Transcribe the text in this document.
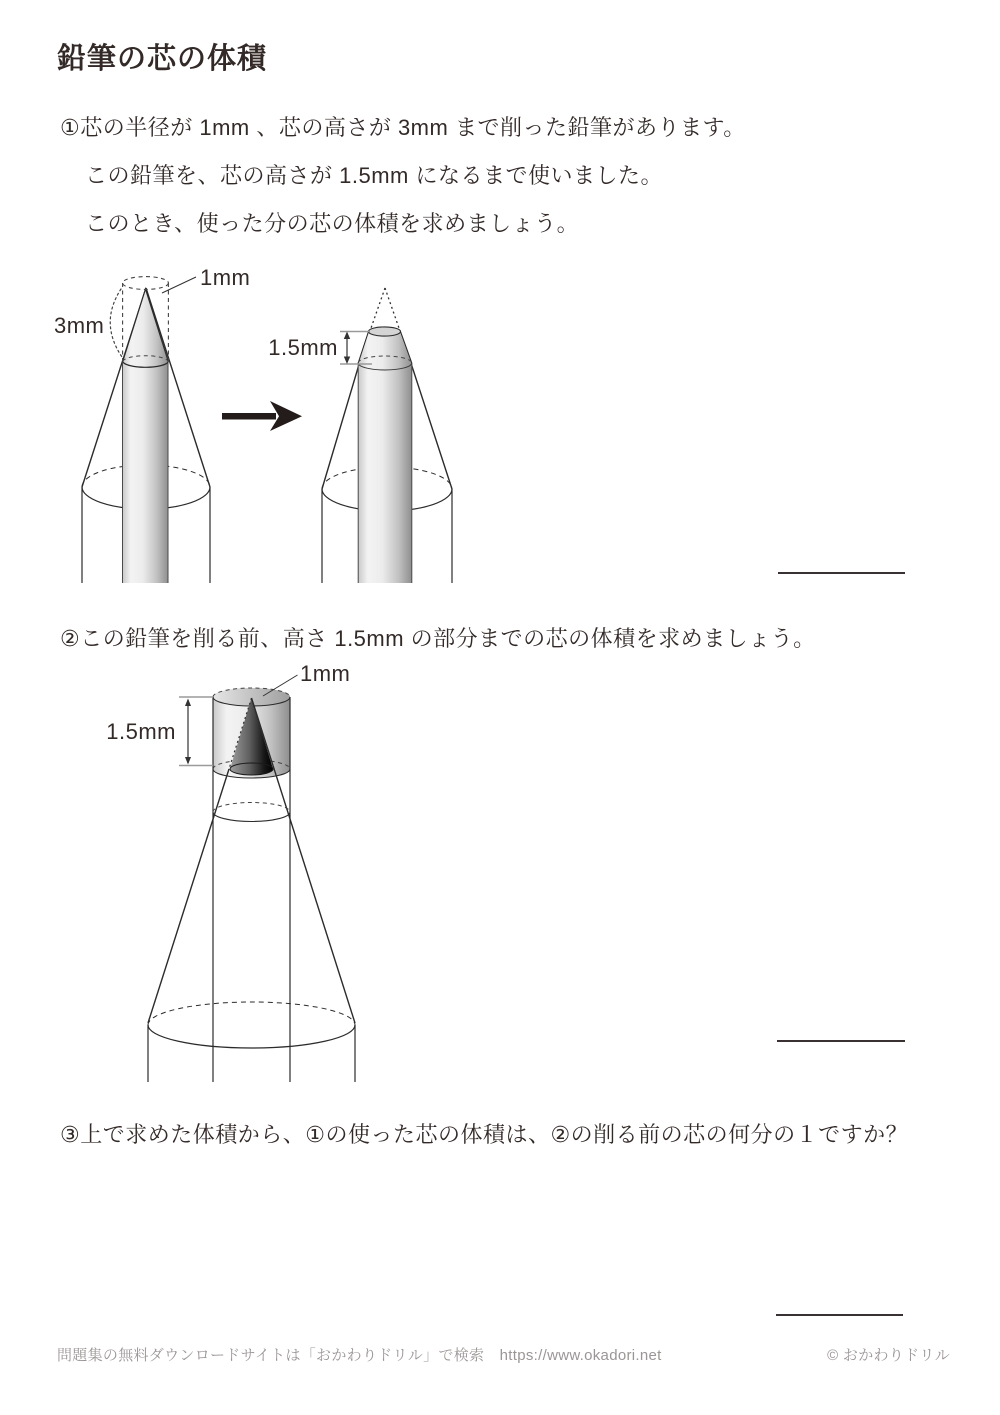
鉛筆の芯の体積
①芯の半径が 1mm 、芯の高さが 3mm まで削った鉛筆があります。
この鉛筆を、芯の高さが 1.5mm になるまで使いました。
このとき、使った分の芯の体積を求めましょう。
1mm
3mm
1.5mm
②この鉛筆を削る前、高さ 1.5mm の部分までの芯の体積を求めましょう。
1.5mm
1mm
③上で求めた体積から、①の使った芯の体積は、②の削る前の芯の何分の１ですか？
問題集の無料ダウンロードサイトは「おかわりドリル」で検索　https://www.okadori.net	© おかわりドリル
